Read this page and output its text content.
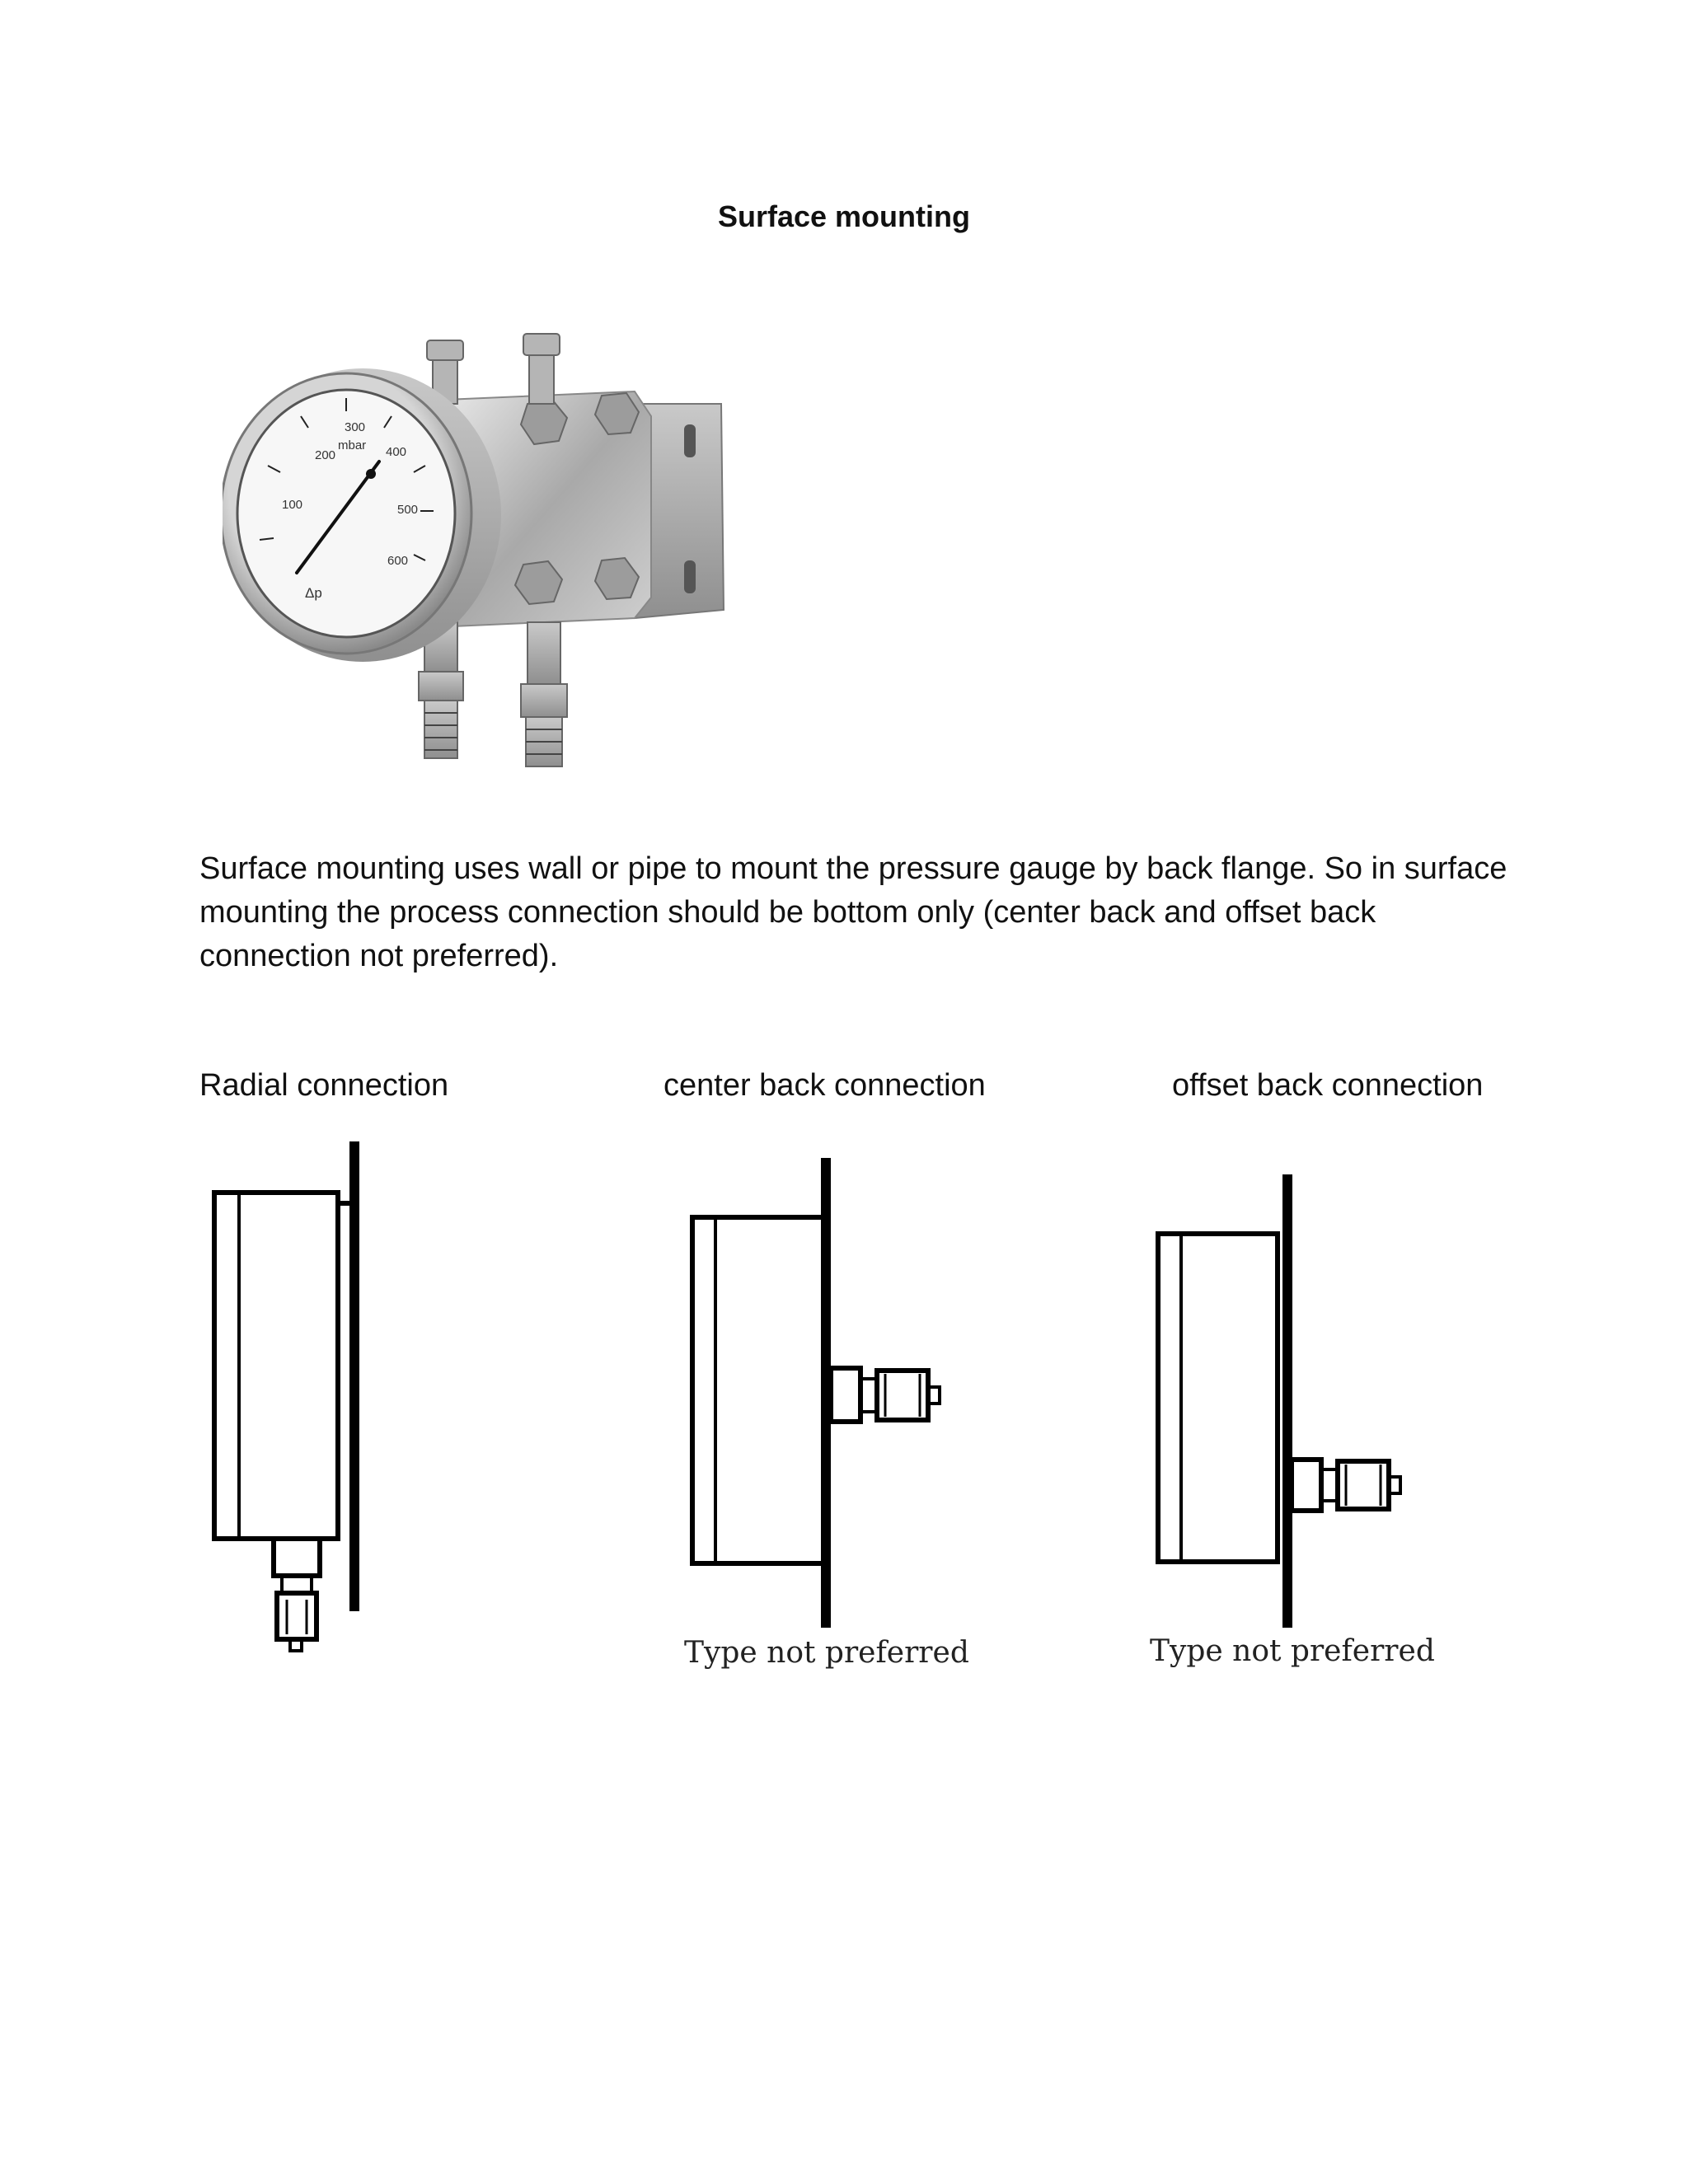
Surface mounting
100
200
300
400
500
600
mbar
Δp
Surface mounting uses wall or pipe to mount the pressure gauge by back flange. So in surface mounting the process connection should be bottom only (center back and offset back connection not preferred).
Radial connection	center back connection	offset back connection
Type not preferred	Type not preferred
